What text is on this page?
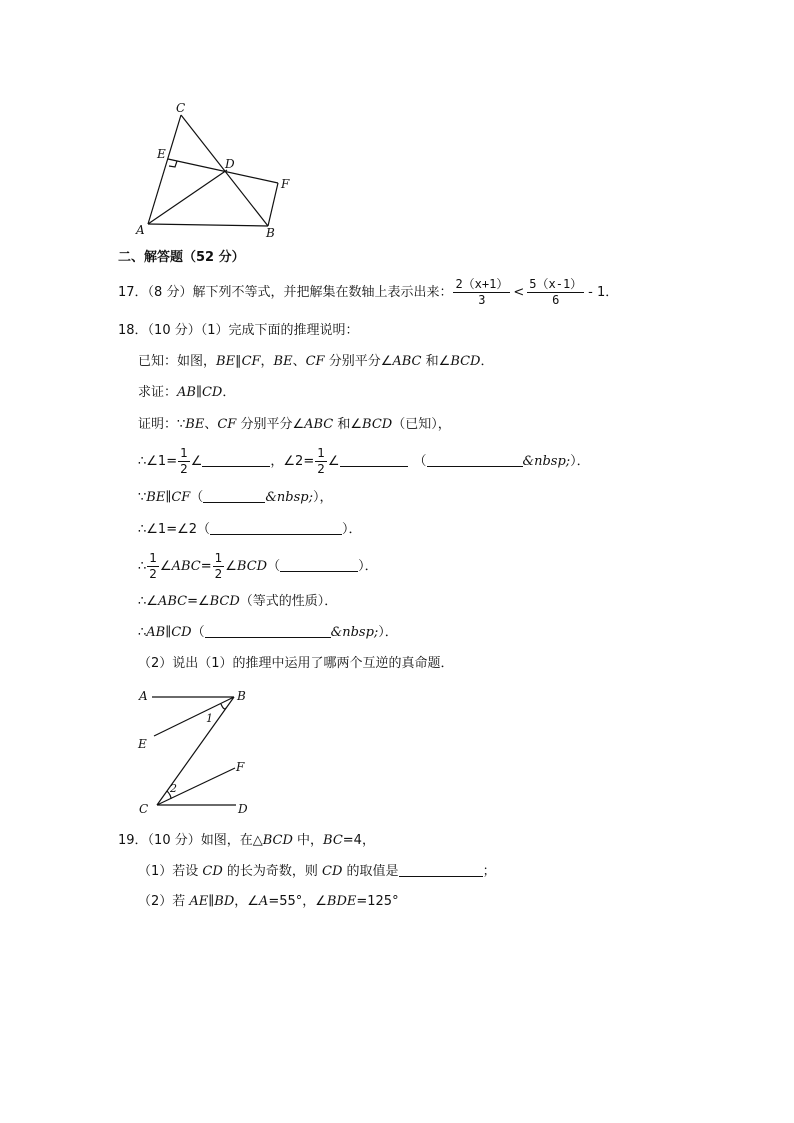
C
E
D
F
A	B
二、解答题（52 分）
17．（8 分）解下列不等式，并把解集在数轴上表示出来： $\frac{2(x+1)}{3} < \frac{5(x-1)}{6} - 1$．
18．（10 分）（1）完成下面的推理说明：
已知：如图，BE∥CF，BE、CF 分别平分∠ABC 和∠BCD．
求证：AB∥CD．
证明：∵BE、CF 分别平分∠ABC 和∠BCD（已知），
∴∠1= $\frac{1}{2}$ ∠	，∠2= $\frac{1}{2}$ ∠	（	&nbsp;）．
∵BE∥CF（	&nbsp;），
∴∠1=∠2（	）．
∴ $\frac{1}{2}$ ∠ABC= $\frac{1}{2}$ ∠BCD（	）．
∴∠ABC=∠BCD（等式的性质）．
∴AB∥CD（	&nbsp;）．
（2）说出（1）的推理中运用了哪两个互逆的真命题．
A	B
E
1
F
2
C	D
19．（10 分）如图，在△BCD 中，BC=4，
（1）若设 CD 的长为奇数，则 CD 的取值是	；
（2）若 AE∥BD，∠A=55°，∠BDE=125°
